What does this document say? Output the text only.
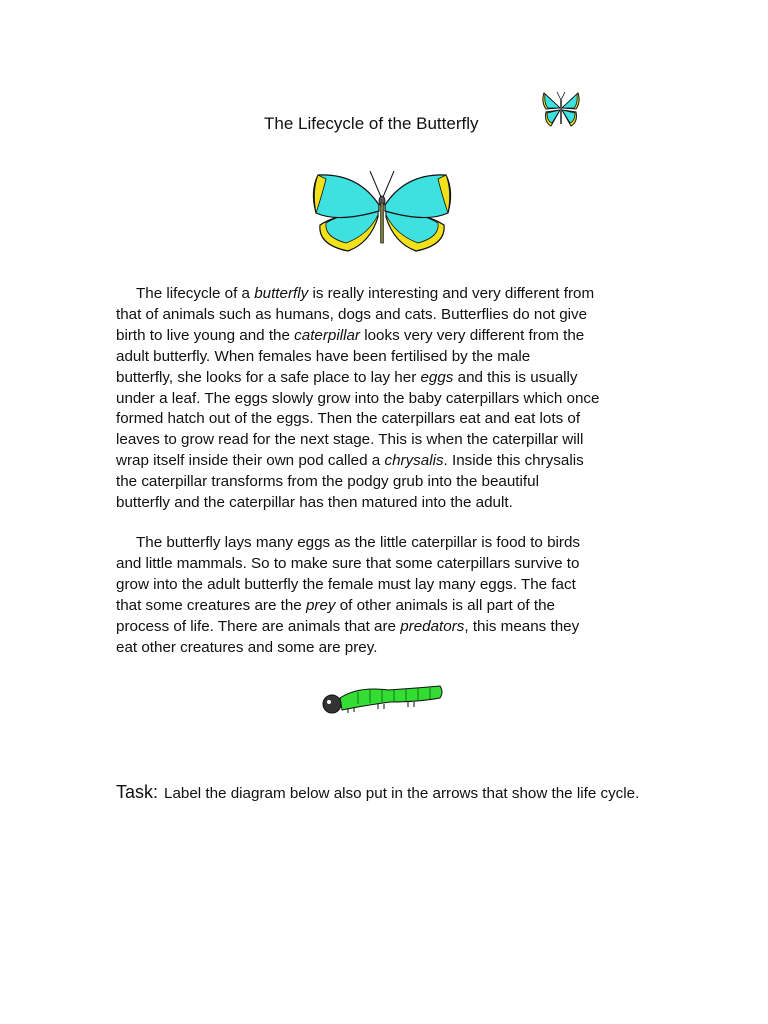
The Lifecycle of the Butterfly
The lifecycle of a butterfly is really interesting and very different from
that of animals such as humans, dogs and cats. Butterflies do not give
birth to live young and the caterpillar looks very very different from the
adult butterfly. When females have been fertilised by the male
butterfly, she looks for a safe place to lay her eggs and this is usually
under a leaf. The eggs slowly grow into the baby caterpillars which once
formed hatch out of the eggs. Then the caterpillars eat and eat lots of
leaves to grow read for the next stage. This is when the caterpillar will
wrap itself inside their own pod called a chrysalis. Inside this chrysalis
the caterpillar transforms from the podgy grub into the beautiful
butterfly and the caterpillar has then matured into the adult.
The butterfly lays many eggs as the little caterpillar is food to birds
and little mammals. So to make sure that some caterpillars survive to
grow into the adult butterfly the female must lay many eggs. The fact
that some creatures are the prey of other animals is all part of the
process of life. There are animals that are predators, this means they
eat other creatures and some are prey.
Task: Label the diagram below also put in the arrows that show the life cycle.
